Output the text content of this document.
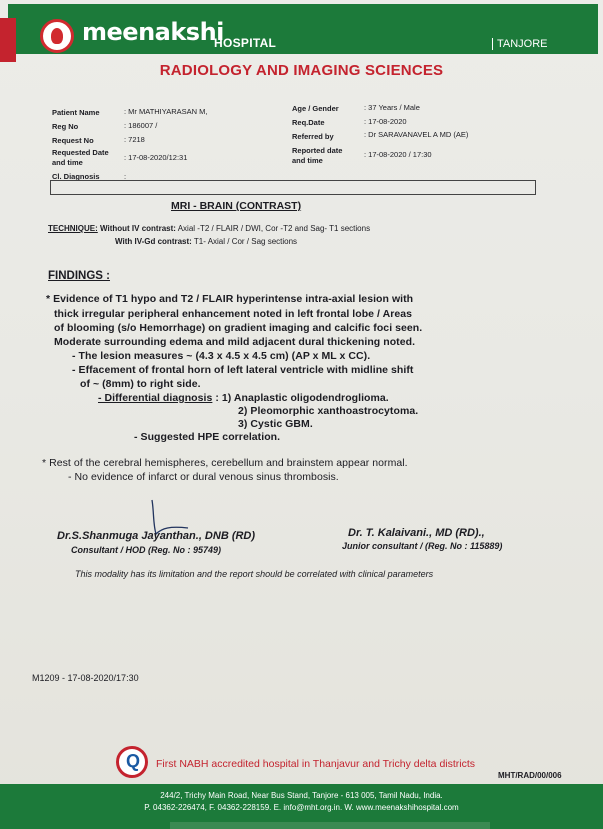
meenakshi
HOSPITAL	TANJORE
RADIOLOGY AND IMAGING SCIENCES
Patient Name	: Mr MATHIYARASAN M,
Reg No	: 186007 /
Request No	: 7218
Requested Date
and time
: 17-08-2020/12:31
Cl. Diagnosis	:
Age / Gender	: 37 Years / Male
Req.Date	: 17-08-2020
Referred by	: Dr SARAVANAVEL A MD (AE)
Reported date
and time
: 17-08-2020 / 17:30
MRI - BRAIN (CONTRAST)
TECHNIQUE: Without IV contrast: Axial -T2 / FLAIR / DWI, Cor -T2 and Sag- T1 sections
With IV-Gd contrast: T1- Axial / Cor / Sag sections
FINDINGS :
* Evidence of T1 hypo and T2 / FLAIR hyperintense intra-axial lesion with
thick irregular peripheral enhancement noted in left frontal lobe / Areas
of blooming (s/o Hemorrhage) on gradient imaging and calcific foci seen.
Moderate surrounding edema and mild adjacent dural thickening noted.
- The lesion measures ~ (4.3 x 4.5 x 4.5 cm) (AP x ML x CC).
- Effacement of frontal horn of left lateral ventricle with midline shift
of ~ (8mm) to right side.
- Differential diagnosis : 1) Anaplastic oligodendroglioma.
2) Pleomorphic xanthoastrocytoma.
3) Cystic GBM.
- Suggested HPE correlation.
* Rest of the cerebral hemispheres, cerebellum and brainstem appear normal.
- No evidence of infarct or dural venous sinus thrombosis.
Dr.S.Shanmuga Jayanthan., DNB (RD)
Consultant / HOD (Reg. No : 95749)
Dr. T. Kalaivani., MD (RD).,
Junior consultant / (Reg. No : 115889)
This modality has its limitation and the report should be correlated with clinical parameters
M1209 - 17-08-2020/17:30
Q
First NABH accredited hospital in Thanjavur and Trichy delta districts
MHT/RAD/00/006
244/2, Trichy Main Road, Near Bus Stand, Tanjore - 613 005, Tamil Nadu, India.
P. 04362-226474, F. 04362-228159. E. info@mht.org.in. W. www.meenakshihospital.com
